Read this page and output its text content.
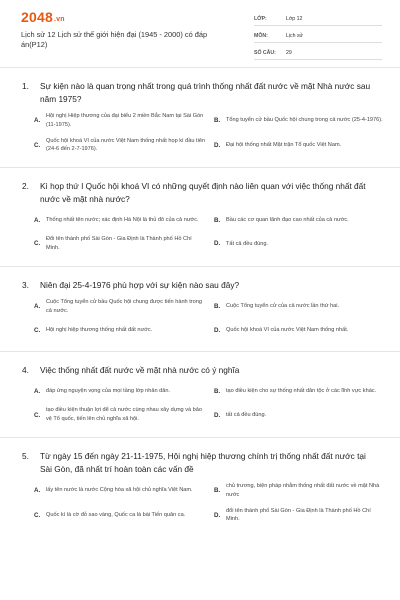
2048.vn
Lịch sử 12 Lịch sử thế giới hiện đại (1945 - 2000) có đáp án(P12)
LỚP:	Lớp 12
MÔN:	Lịch sử
SỐ CÂU:	29
1.	Sự kiện nào là quan trọng nhất trong quá trình thống nhất đất nước về mặt Nhà nước sau năm 1975?
A.
Hội nghị Hiệp thương của đại biểu 2 miền Bắc Nam tại Sài Gòn (11-1975).
B.	Tổng tuyển cử bầu Quốc hội chung trong cả nước (25-4-1976).
C.
Quốc hội khoá VI của nước Việt Nam thống nhất họp kì đầu tiên (24-6 đến 2-7-1976).
D.	Đại hội thống nhất Mặt trận Tổ quốc Việt Nam.
2.	Kì họp thứ I Quốc hội khoá VI có những quyết định nào liên quan với việc thống nhất đất nước về mặt nhà nước?
A.	Thống nhất tên nước; xác định Hà Nội là thủ đô của cả nước. B.	Bầu các cơ quan lãnh đạo cao nhất của cả nước.
C.
Đổi tên thành phố Sài Gòn - Gia Định là Thành phố Hồ Chí Minh.
D.	Tất cả đều đúng.
3.	Niên đại 25-4-1976 phù hợp với sự kiện nào sau đây?
A.
Cuộc Tổng tuyển cử bầu Quốc hội chung được tiến hành trong cả nước.
B.	Cuộc Tổng tuyển cử của cả nước lần thứ hai.
C.	Hội nghị hiệp thương thống nhất đất nước.	D.	Quốc hội khoá VI của nước Việt Nam thống nhất.
4.	Việc thống nhất đất nước về mặt nhà nước có ý nghĩa
A.	đáp ứng nguyện vọng của mọi tầng lớp nhân dân.	B.	tạo điều kiện cho sự thống nhất dân tộc ở các lĩnh vực khác.
C.
tạo điều kiện thuận lợi để cả nước cùng nhau xây dựng và bảo vệ Tổ quốc, tiến lên chủ nghĩa xã hội.
D.	tất cả đều đúng.
5.	Từ ngày 15 đến ngày 21-11-1975, Hội nghị hiệp thương chính trị thống nhất đất nước tại Sài Gòn, đã nhất trí hoàn toàn các vấn đề
A.	lấy tên nước là nước Cộng hòa xã hội chủ nghĩa Việt Nam.	B.
chủ trương, biện pháp nhằm thống nhất đất nước về mặt Nhà nước
C.	Quốc kì là cờ đỏ sao vàng, Quốc ca là bài Tiến quân ca.	D.
đổi tên thành phố Sài Gòn - Gia Định là Thành phố Hồ Chí Minh.
